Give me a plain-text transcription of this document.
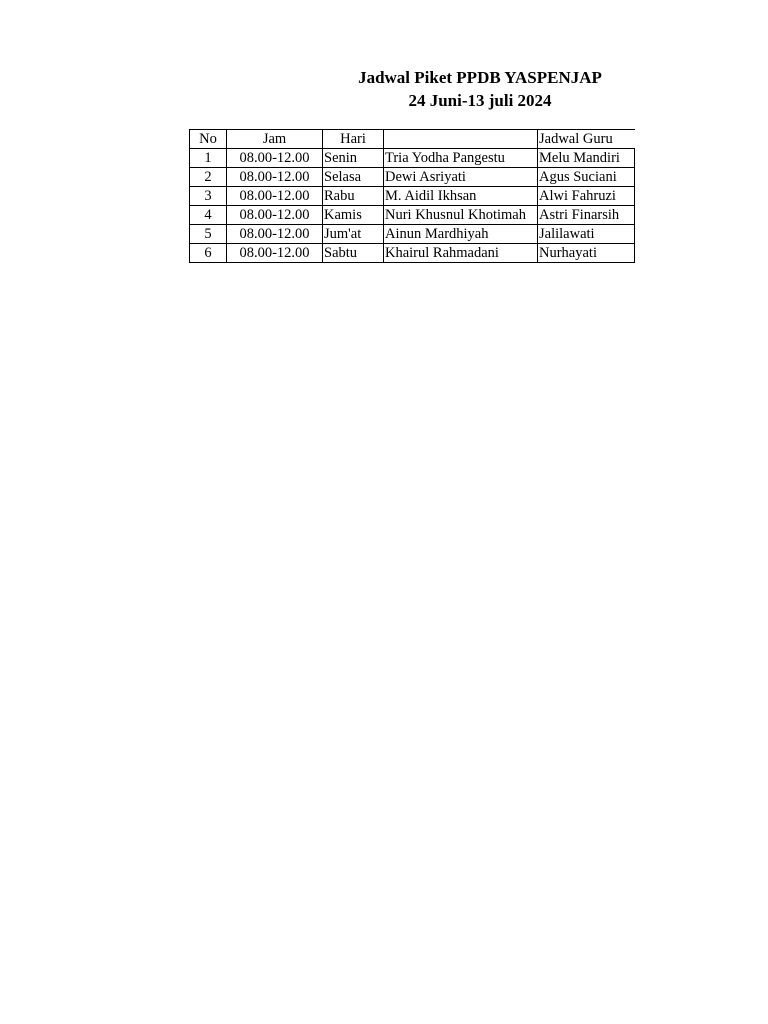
Jadwal Piket PPDB YASPENJAP
24 Juni-13 juli 2024
No	Jam	Hari		Jadwal Guru
1	08.00-12.00	Senin	Tria Yodha Pangestu	Melu Mandiri
2	08.00-12.00	Selasa	Dewi Asriyati	Agus Suciani
3	08.00-12.00	Rabu	M. Aidil Ikhsan	Alwi Fahruzi
4	08.00-12.00	Kamis	Nuri Khusnul Khotimah	Astri Finarsih
5	08.00-12.00	Jum'at	Ainun Mardhiyah	Jalilawati
6	08.00-12.00	Sabtu	Khairul Rahmadani	Nurhayati
